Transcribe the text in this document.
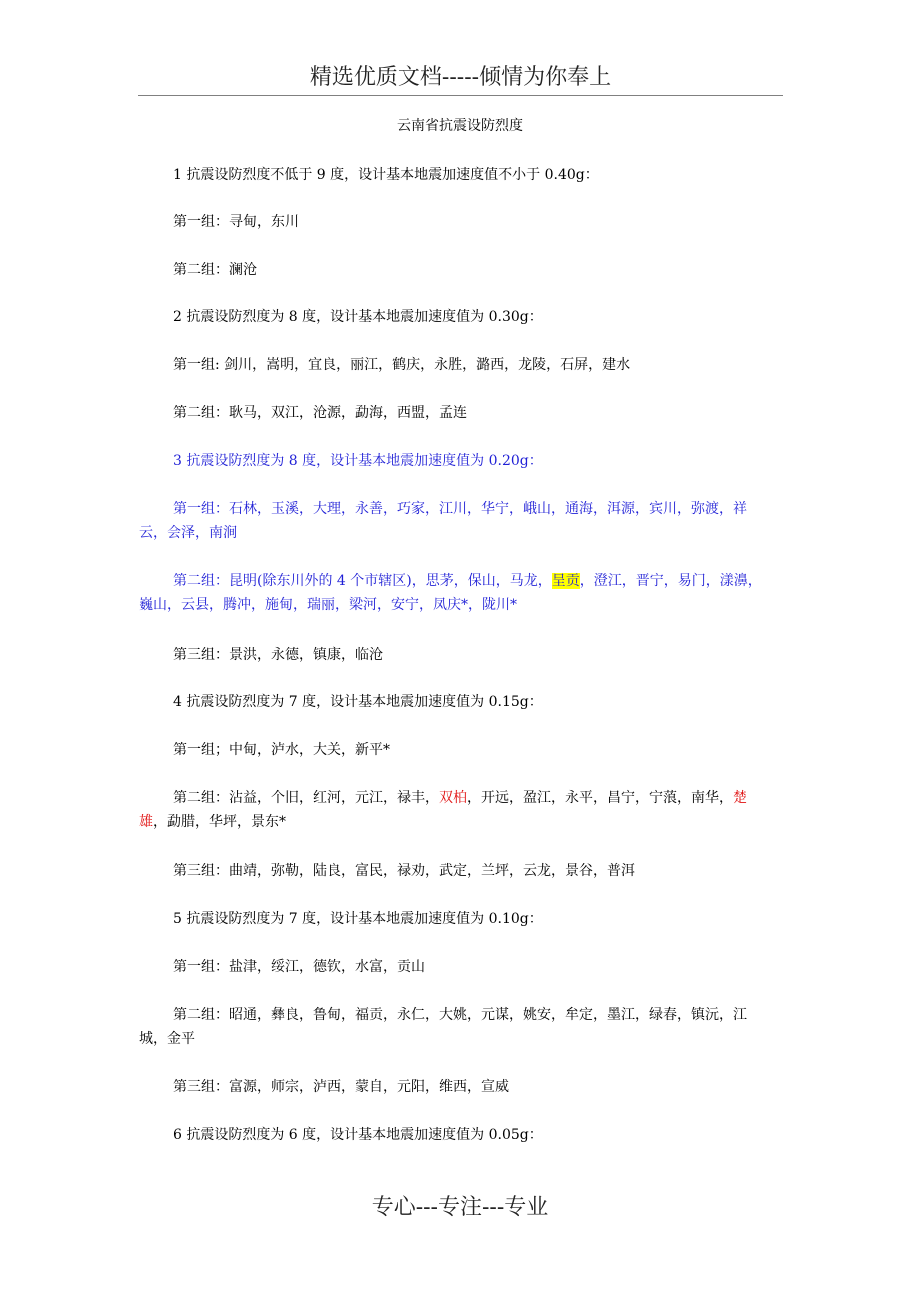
精选优质文档-----倾情为你奉上
云南省抗震设防烈度

1 抗震设防烈度不低于 9 度，设计基本地震加速度值不小于 0.40g：

第一组：寻甸，东川

第二组：澜沧

2 抗震设防烈度为 8 度，设计基本地震加速度值为 0.30g：

第一组: 剑川，嵩明，宜良，丽江，鹤庆，永胜，潞西，龙陵，石屏，建水

第二组：耿马，双江，沧源，勐海，西盟，孟连

3 抗震设防烈度为 8 度，设计基本地震加速度值为 0.20g：

第一组：石林，玉溪，大理，永善，巧家，江川，华宁，峨山，通海，洱源，宾川，弥渡，祥云，会泽，南涧

第二组：昆明(除东川外的 4 个市辖区)，思茅，保山，马龙，呈贡，澄江，晋宁，易门，漾濞，巍山，云县，腾冲，施甸，瑞丽，梁河，安宁，凤庆*，陇川*

第三组：景洪，永德，镇康，临沧

4 抗震设防烈度为 7 度，设计基本地震加速度值为 0.15g：

第一组；中甸，泸水，大关，新平*

第二组：沾益，个旧，红河，元江，禄丰，双柏，开远，盈江，永平，昌宁，宁蒗，南华，楚雄，勐腊，华坪，景东*

第三组：曲靖，弥勒，陆良，富民，禄劝，武定，兰坪，云龙，景谷，普洱

5 抗震设防烈度为 7 度，设计基本地震加速度值为 0.10g：

第一组：盐津，绥江，德钦，水富，贡山

第二组：昭通，彝良，鲁甸，福贡，永仁，大姚，元谋，姚安，牟定，墨江，绿春，镇沅，江城，金平

第三组：富源，师宗，泸西，蒙自，元阳，维西，宣威

6 抗震设防烈度为 6 度，设计基本地震加速度值为 0.05g：

专心---专注---专业
